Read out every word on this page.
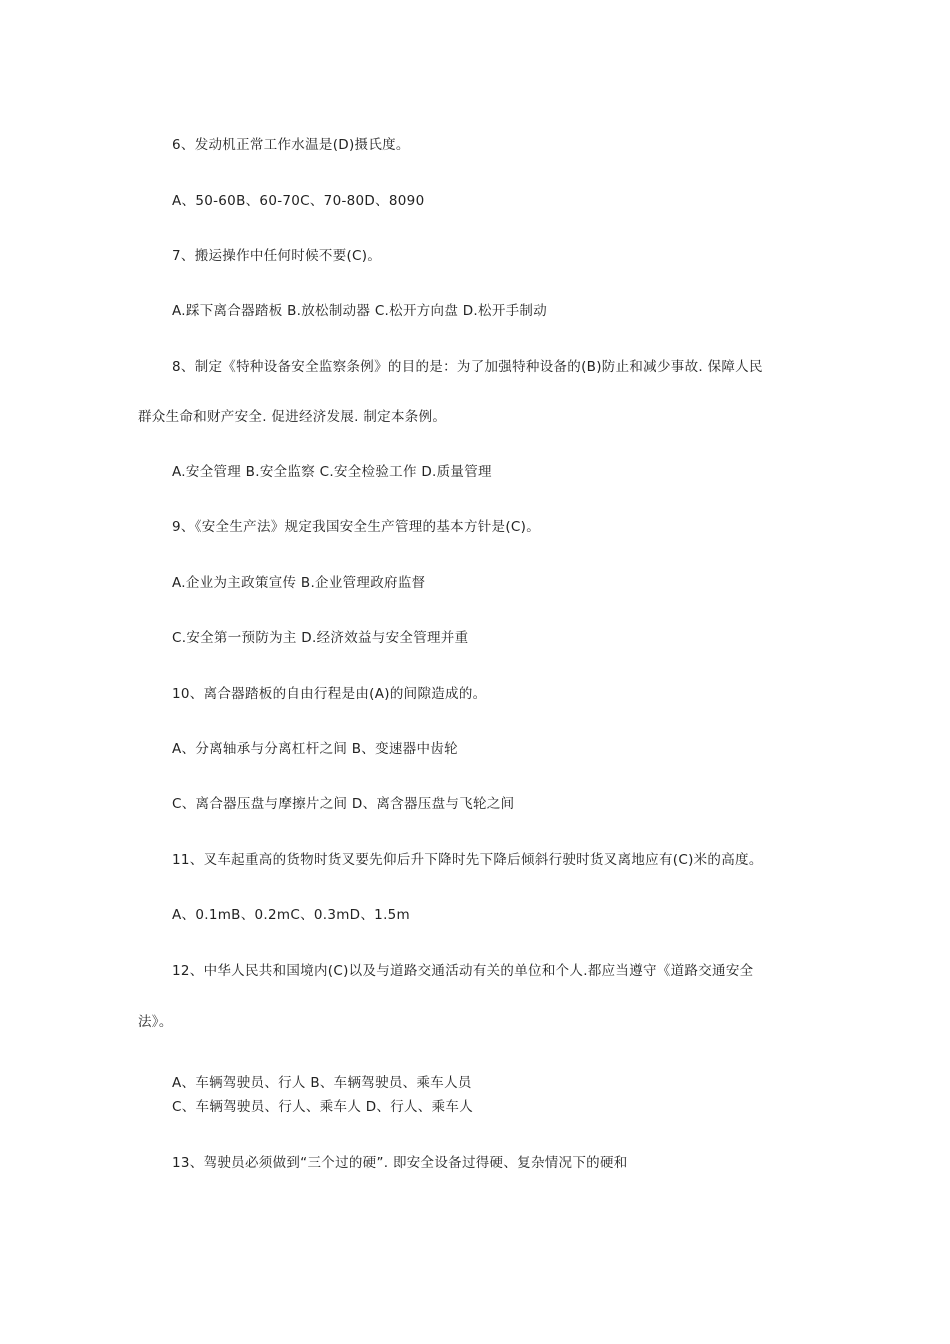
6、发动机正常工作水温是(D)摄氏度。
A、50-60B、60-70C、70-80D、8090
7、搬运操作中任何时候不要(C)。
A.踩下离合器踏板 B.放松制动器 C.松开方向盘 D.松开手制动
8、制定《特种设备安全监察条例》的目的是：为了加强特种设备的(B)防止和减少事故. 保障人民
群众生命和财产安全. 促进经济发展. 制定本条例。
A.安全管理 B.安全监察 C.安全检验工作 D.质量管理
9、《安全生产法》规定我国安全生产管理的基本方针是(C)。
A.企业为主政策宣传 B.企业管理政府监督
C.安全第一预防为主 D.经济效益与安全管理并重
10、离合器踏板的自由行程是由(A)的间隙造成的。
A、分离轴承与分离杠杆之间 B、变速器中齿轮
C、离合器压盘与摩擦片之间 D、离含器压盘与飞轮之间
11、叉车起重高的货物时货叉要先仰后升下降时先下降后倾斜行驶时货叉离地应有(C)米的高度。
A、0.1mB、0.2mC、0.3mD、1.5m
12、中华人民共和国境内(C)以及与道路交通活动有关的单位和个人.都应当遵守《道路交通安全
法》。
A、车辆驾驶员、行人 B、车辆驾驶员、乘车人员
C、车辆驾驶员、行人、乘车人 D、行人、乘车人
13、驾驶员必须做到“三个过的硬”. 即安全设备过得硬、复杂情况下的硬和
